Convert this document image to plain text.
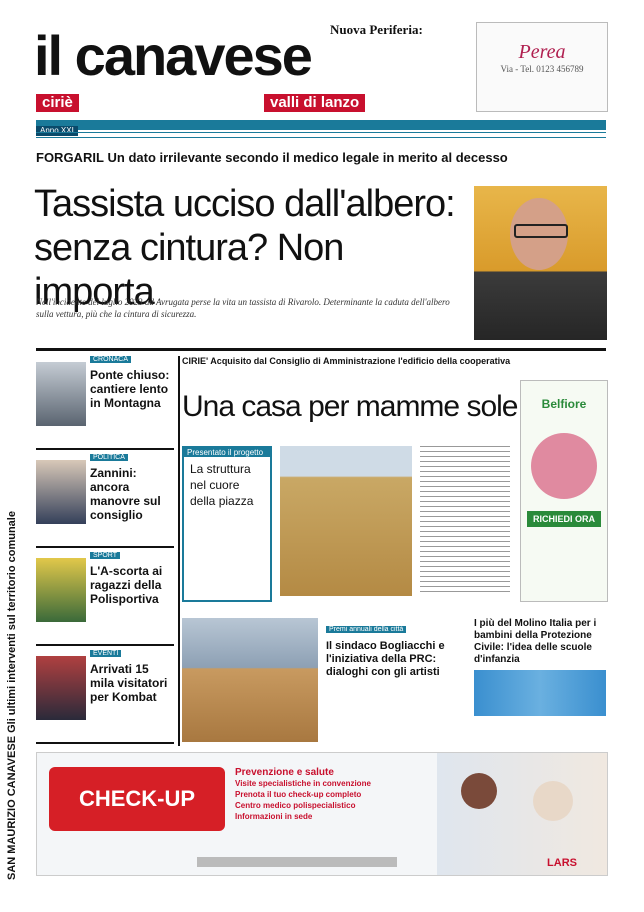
il canavese Nuova Periferia:
ciriè	valli di lanzo
Perea
Via - Tel. 0123 456789
Anno XXI
SAN MAURIZIO CANAVESE Gli ultimi interventi sul territorio comunale
FORGARIL Un dato irrilevante secondo il medico legale in merito al decesso
Tassista ucciso dall'albero:
senza cintura? Non importa
Nell'incidente del luglio 2023 ad Avrugata perse la vita un tassista di Rivarolo. Determinante la caduta dell'albero sulla vettura, più che la cintura di sicurezza.
CRONACA
Ponte chiuso: cantiere lento in Montagna
POLITICA
Zannini: ancora manovre sul consiglio
SPORT
L'A-scorta ai ragazzi della Polisportiva
EVENTI
Arrivati 15 mila visitatori per Kombat
CIRIE' Acquisito dal Consiglio di Amministrazione l'edificio della cooperativa
Una casa per mamme sole
Presentato il progetto
La struttura nel cuore della piazza
Belfiore
RICHIEDI ORA
Premi annuali della città
Il sindaco Bogliacchi e l'iniziativa della PRC: dialoghi con gli artisti
I più del Molino Italia per i bambini della Protezione Civile: l'idea delle scuole d'infanzia
CHECK-UP
Prevenzione e salute
Visite specialistiche in convenzione
Prenota il tuo check-up completo
Centro medico polispecialistico
Informazioni in sede
LARS
